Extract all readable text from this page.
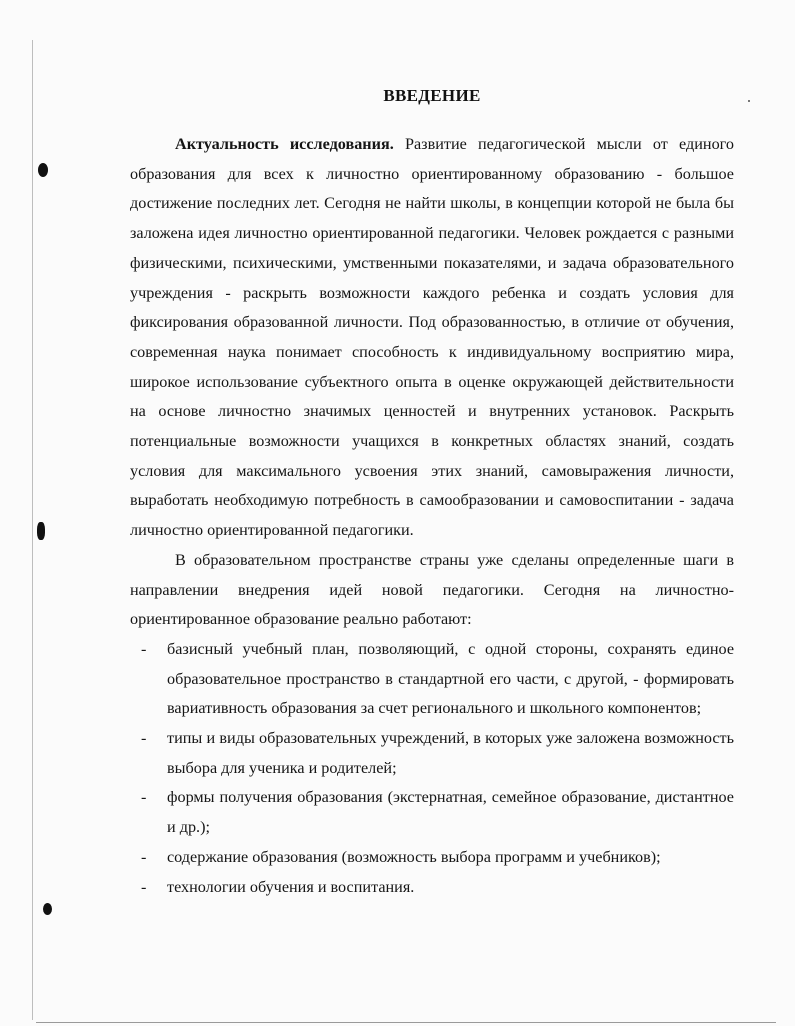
ВВЕДЕНИЕ

Актуальность исследования. Развитие педагогической мысли от единого образования для всех к личностно ориентированному образованию - большое достижение последних лет. Сегодня не найти школы, в концепции которой не была бы заложена идея личностно ориентированной педагогики. Человек рождается с разными физическими, психическими, умственными показателями, и задача образовательного учреждения - раскрыть возможности каждого ребенка и создать условия для фиксирования образованной личности. Под образованностью, в отличие от обучения, современная наука понимает способность к индивидуальному восприятию мира, широкое использование субъектного опыта в оценке окружающей действительности на основе личностно значимых ценностей и внутренних установок. Раскрыть потенциальные возможности учащихся в конкретных областях знаний, создать условия для максимального усвоения этих знаний, самовыражения личности, выработать необходимую потребность в самообразовании и самовоспитании - задача личностно ориентированной педагогики.

В образовательном пространстве страны уже сделаны определенные шаги в направлении внедрения идей новой педагогики. Сегодня на личностно-ориентированное образование реально работают:

- базисный учебный план, позволяющий, с одной стороны, сохранять единое образовательное пространство в стандартной его части, с другой, - формировать вариативность образования за счет регионального и школьного компонентов;
- типы и виды образовательных учреждений, в которых уже заложена возможность выбора для ученика и родителей;
- формы получения образования (экстернатная, семейное образование, дистантное и др.);
- содержание образования (возможность выбора программ и учебников);
- технологии обучения и воспитания.
